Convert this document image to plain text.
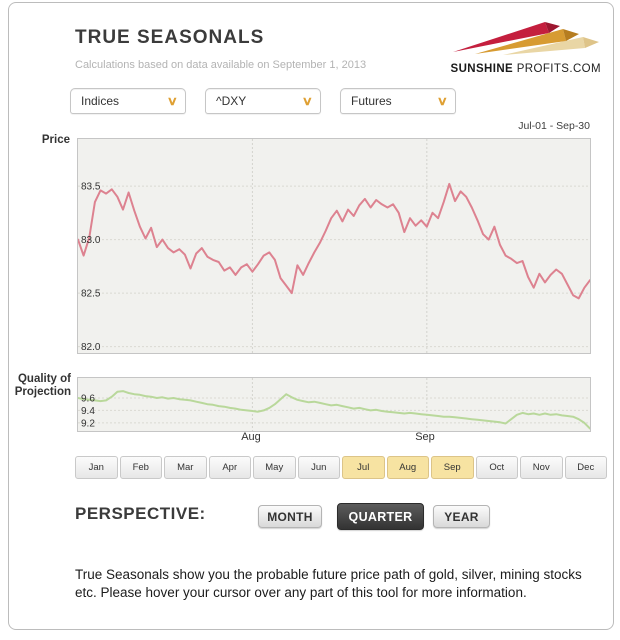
TRUE SEASONALS
Calculations based on data available on September 1, 2013	SUNSHINE PROFITS.COM
Indices	∨	^DXY	∨	Futures	∨
Jul-01 - Sep-30
Price
83.5
83.0
82.5
82.0
Quality of
Projection
9.6
9.4
9.2
Aug	Sep
Jan	Feb	Mar	Apr	May	Jun	Jul	Aug	Sep	Oct	Nov	Dec
PERSPECTIVE:	MONTH	QUARTER	YEAR
True Seasonals show you the probable future price path of gold, silver, mining stocks etc. Please hover your cursor over any part of this tool for more information.
